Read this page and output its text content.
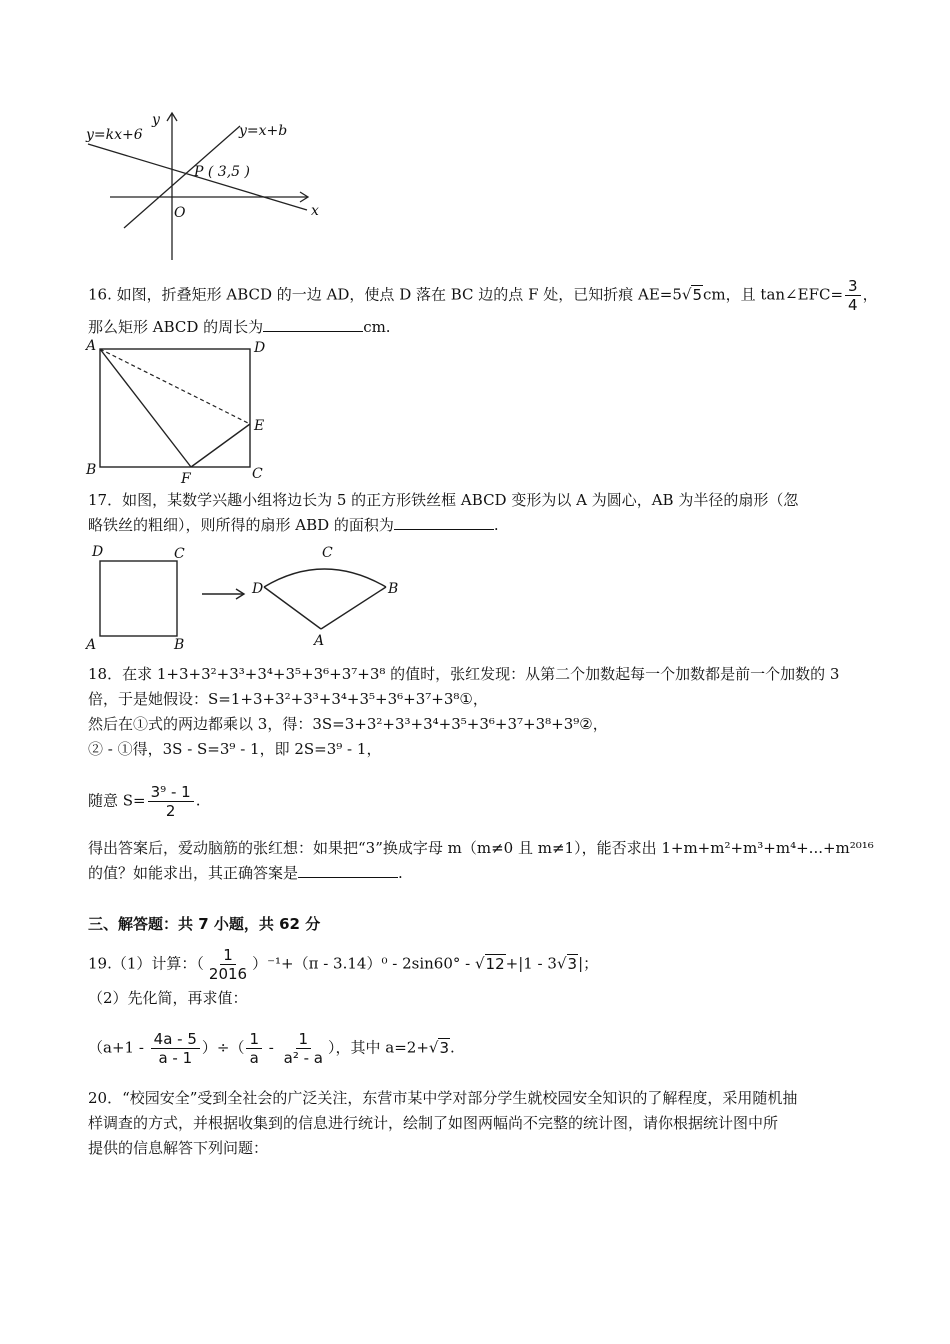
y=kx+6	y=x+b
y
x
O
P ( 3,5 )
16. 如图，折叠矩形 ABCD 的一边 AD，使点 D 落在 BC 边的点 F 处，已知折痕 AE=5√5cm，且 tan∠EFC= $\frac{3}{4}$ ，
那么矩形 ABCD 的周长为	cm.
A	D
E
B	C
F
17．如图，某数学兴趣小组将边长为 5 的正方形铁丝框 ABCD 变形为以 A 为圆心，AB 为半径的扇形（忽
略铁丝的粗细），则所得的扇形 ABD 的面积为	.
D	C
A	B
D
C
B
A
18．在求 1+3+3²+3³+3⁴+3⁵+3⁶+3⁷+3⁸ 的值时，张红发现：从第二个加数起每一个加数都是前一个加数的 3
倍，于是她假设：S=1+3+3²+3³+3⁴+3⁵+3⁶+3⁷+3⁸①，
然后在①式的两边都乘以 3，得：3S=3+3²+3³+3⁴+3⁵+3⁶+3⁷+3⁸+3⁹②，
② - ①得，3S - S=3⁹ - 1，即 2S=3⁹ - 1，
随意 $S= \frac{\text{3⁹ - 1}}{2}$ .
得出答案后，爱动脑筋的张红想：如果把“3”换成字母 m（m≠0 且 m≠1），能否求出 1+m+m²+m³+m⁴+...+m²⁰¹⁶
的值？如能求出，其正确答案是	.
三、解答题：共 7 小题，共 62 分
19.（1）计算：（ $\frac{1}{2016} )^{-1}+(\pi - 3.14)^0 - 2\sin 60^\circ - √12+|1 - 3√3|$；
（2）先化简，再求值：
（$a+1 - \frac{4a - 5}{a - 1}$ ）÷（ $\frac{1}{a} - \frac{1}{\text{a² - a}}$ ），其中 a=2+√3.
20．“校园安全”受到全社会的广泛关注，东营市某中学对部分学生就校园安全知识的了解程度，采用随机抽
样调查的方式，并根据收集到的信息进行统计，绘制了如图两幅尚不完整的统计图，请你根据统计图中所
提供的信息解答下列问题：
